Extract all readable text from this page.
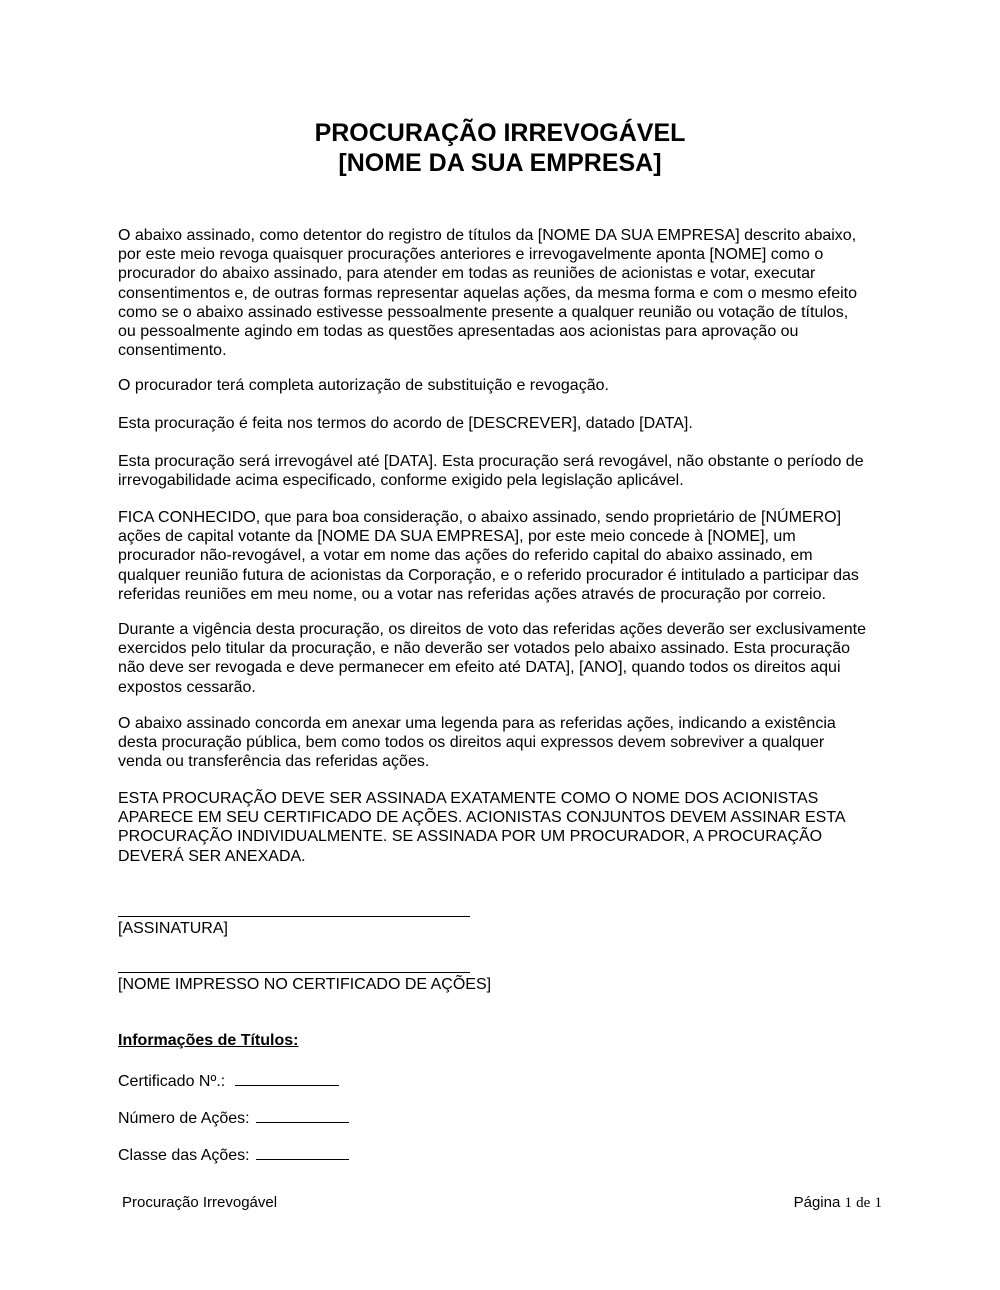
PROCURAÇÃO IRREVOGÁVEL
[NOME DA SUA EMPRESA]
O abaixo assinado, como detentor do registro de títulos da [NOME DA SUA EMPRESA] descrito abaixo,
por este meio revoga quaisquer procurações anteriores e irrevogavelmente aponta [NOME] como o
procurador do abaixo assinado, para atender em todas as reuniões de acionistas e votar, executar
consentimentos e, de outras formas representar aquelas ações, da mesma forma e com o mesmo efeito
como se o abaixo assinado estivesse pessoalmente presente a qualquer reunião ou votação de títulos,
ou pessoalmente agindo em todas as questões apresentadas aos acionistas para aprovação ou
consentimento.
O procurador terá completa autorização de substituição e revogação.
Esta procuração é feita nos termos do acordo de [DESCREVER], datado [DATA].
Esta procuração será irrevogável até [DATA]. Esta procuração será revogável, não obstante o período de
irrevogabilidade acima especificado, conforme exigido pela legislação aplicável.
FICA CONHECIDO, que para boa consideração, o abaixo assinado, sendo proprietário de [NÚMERO]
ações de capital votante da [NOME DA SUA EMPRESA], por este meio concede à [NOME], um
procurador não-revogável, a votar em nome das ações do referido capital do abaixo assinado, em
qualquer reunião futura de acionistas da Corporação, e o referido procurador é intitulado a participar das
referidas reuniões em meu nome, ou a votar nas referidas ações através de procuração por correio.
Durante a vigência desta procuração, os direitos de voto das referidas ações deverão ser exclusivamente
exercidos pelo titular da procuração, e não deverão ser votados pelo abaixo assinado. Esta procuração
não deve ser revogada e deve permanecer em efeito até DATA], [ANO], quando todos os direitos aqui
expostos cessarão.
O abaixo assinado concorda em anexar uma legenda para as referidas ações, indicando a existência
desta procuração pública, bem como todos os direitos aqui expressos devem sobreviver a qualquer
venda ou transferência das referidas ações.
ESTA PROCURAÇÃO DEVE SER ASSINADA EXATAMENTE COMO O NOME DOS ACIONISTAS
APARECE EM SEU CERTIFICADO DE AÇÕES. ACIONISTAS CONJUNTOS DEVEM ASSINAR ESTA
PROCURAÇÃO INDIVIDUALMENTE. SE ASSINADA POR UM PROCURADOR, A PROCURAÇÃO
DEVERÁ SER ANEXADA.
[ASSINATURA]
[NOME IMPRESSO NO CERTIFICADO DE AÇÕES]
Informações de Títulos:
Certificado Nº.:
Número de Ações:
Classe das Ações:
Procuração Irrevogável	Página 1 de 1
